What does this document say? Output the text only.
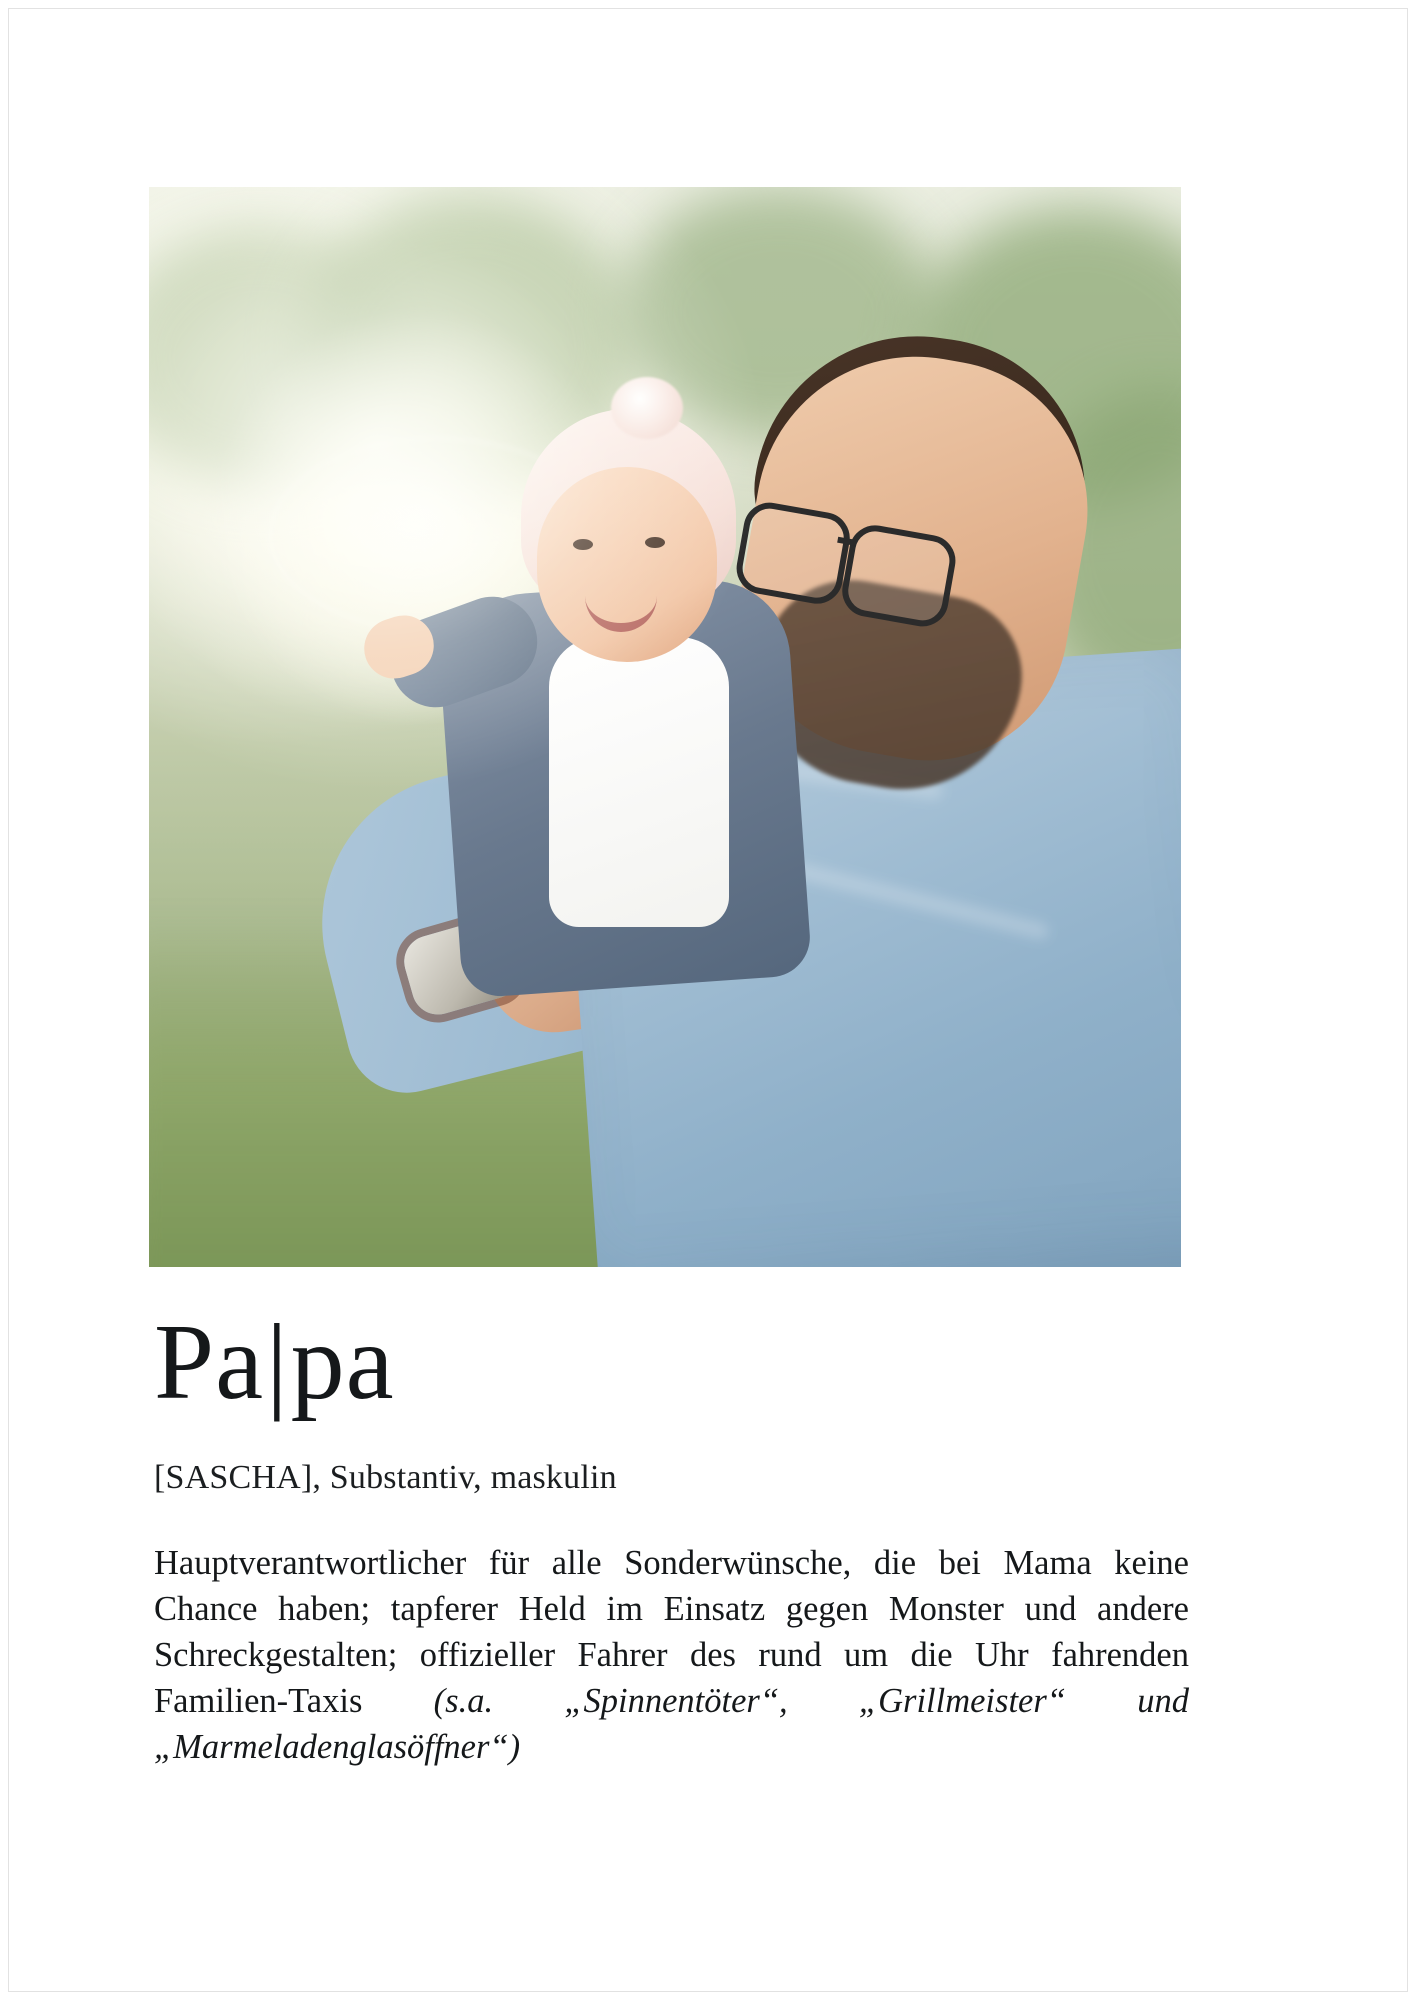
Pa|pa
[SASCHA], Substantiv, maskulin
Hauptverantwortlicher für alle Sonderwünsche, die bei Mama keine Chance haben; tapferer Held im Einsatz gegen Monster und andere Schreckgestalten; offizieller Fahrer des rund um die Uhr fahrenden Familien-Taxis (s.a. „Spinnentöter“, „Grillmeister“ und „Marmeladenglasöffner“)
